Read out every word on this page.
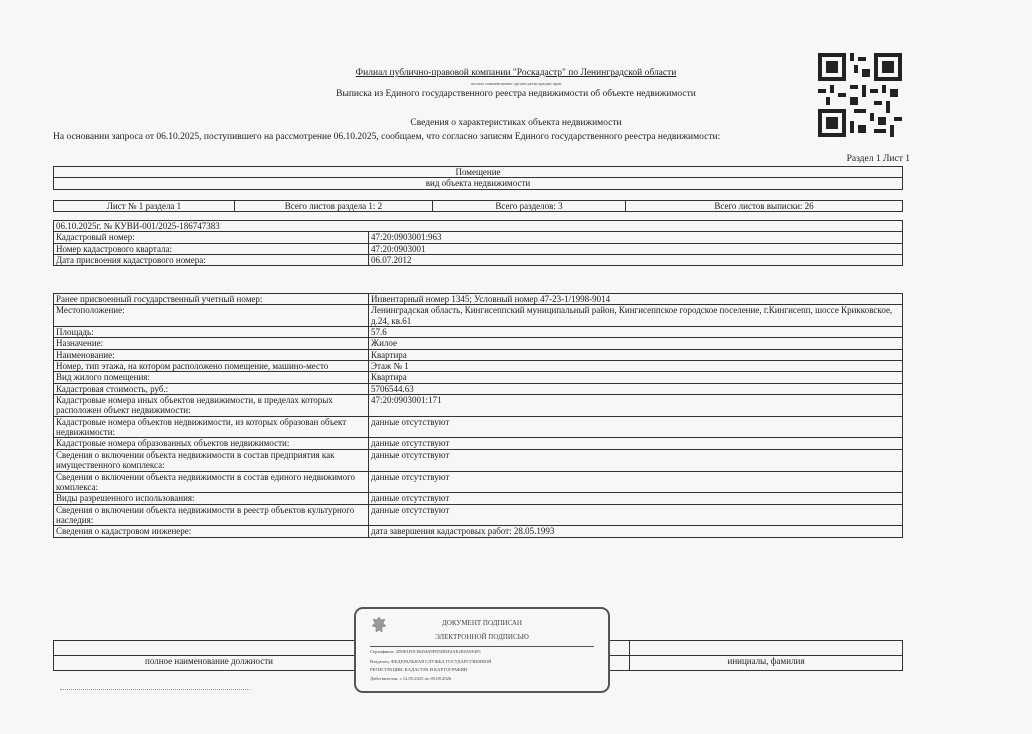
Филиал публично-правовой компании "Роскадастр" по Ленинградской области
полное наименование органа регистрации прав
Выписка из Единого государственного реестра недвижимости об объекте недвижимости
Сведения о характеристиках объекта недвижимости
На основании запроса от 06.10.2025, поступившего на рассмотрение 06.10.2025, сообщаем, что согласно записям Единого государственного реестра недвижимости:
Раздел 1 Лист 1
Помещение
вид объекта недвижимости
Лист № 1 раздела 1	Всего листов раздела 1: 2	Всего разделов: 3	Всего листов выписки: 26
06.10.2025г. № КУВИ-001/2025-186747383	
Кадастровый номер:	47:20:0903001:963
Номер кадастрового квартала:	47:20:0903001
Дата присвоения кадастрового номера:	06.07.2012
Ранее присвоенный государственный учетный номер:	Инвентарный номер 1345; Условный номер 47-23-1/1998-9014
Местоположение:	Ленинградская область, Кингисеппский муниципальный район, Кингисеппское городское поселение, г.Кингисепп, шоссе Крикковское, д.24, кв.61
Площадь:	57.6
Назначение:	Жилое
Наименование:	Квартира
Номер, тип этажа, на котором расположено помещение, машино-место	Этаж № 1
Вид жилого помещения:	Квартира
Кадастровая стоимость, руб.:	5706544.63
Кадастровые номера иных объектов недвижимости, в пределах которых расположен объект недвижимости:	47:20:0903001:171
Кадастровые номера объектов недвижимости, из которых образован объект недвижимости:	данные отсутствуют
Кадастровые номера образованных объектов недвижимости:	данные отсутствуют
Сведения о включении объекта недвижимости в состав предприятия как имущественного комплекса:	данные отсутствуют
Сведения о включении объекта недвижимости в состав единого недвижимого комплекса:	данные отсутствуют
Виды разрешенного использования:	данные отсутствуют
Сведения о включении объекта недвижимости в реестр объектов культурного наследия:	данные отсутствуют
Сведения о кадастровом инженере:	дата завершения кадастровых работ: 28.05.1993

полное наименование должности		инициалы, фамилия
ДОКУМЕНТ ПОДПИСАН
ЭЛЕКТРОННОЙ ПОДПИСЬЮ
Сертификат: 2D9E1F0C06D4A9FD5DDF4AE2E8A9F4F1
Владелец: ФЕДЕРАЛЬНАЯ СЛУЖБА ГОСУДАРСТВЕННОЙ
РЕГИСТРАЦИИ, КАДАСТРА И КАРТОГРАФИИ
Действителен: с 12.05.2025 по 05.08.2026
